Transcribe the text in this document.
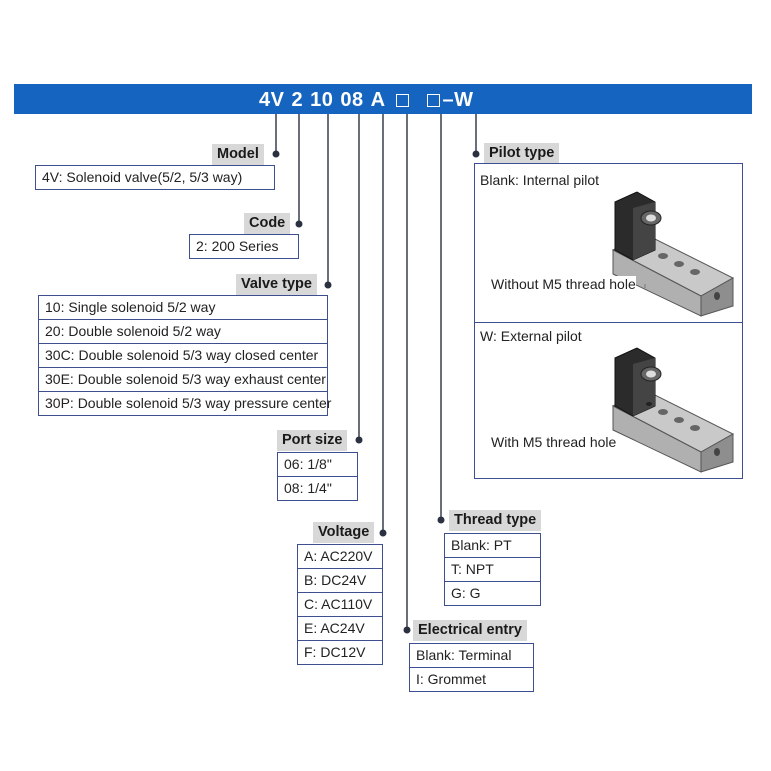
4V 2 10 08 A	–W
Model
4V: Solenoid valve(5/2, 5/3 way)
Code
2: 200 Series
Valve type
10: Single solenoid 5/2 way
20: Double solenoid 5/2 way
30C: Double solenoid 5/3 way closed center
30E: Double solenoid 5/3 way exhaust center
30P: Double solenoid 5/3 way pressure center
Port size
06: 1/8"
08: 1/4"
Voltage
A: AC220V
B: DC24V
C: AC110V
E: AC24V
F: DC12V
Electrical entry
Blank: Terminal
I: Grommet
Thread type
Blank: PT
T: NPT
G: G
Pilot type
Blank: Internal pilot
Without M5 thread hole
W: External pilot
With M5 thread hole
